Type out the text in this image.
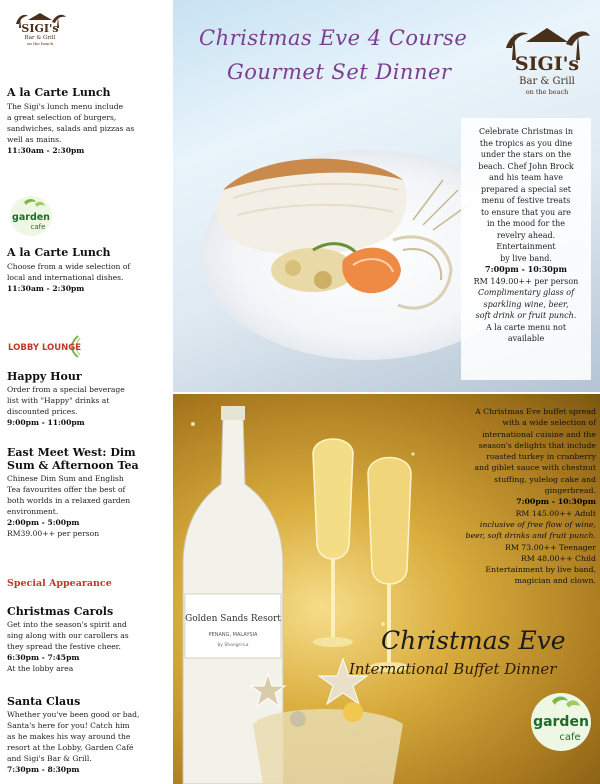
SIGI's
Bar & Grill
on the beach
A la Carte Lunch
The Sigi's lunch menu include
a great selection of burgers,
sandwiches, salads and pizzas as
well as mains.
11:30am - 2:30pm
garden
cafe
A la Carte Lunch
Choose from a wide selection of
local and international dishes.
11:30am - 2:30pm
LOBBY LOUNGE
Happy Hour
Order from a special beverage
list with "Happy" drinks at
discounted prices.
9:00pm - 11:00pm
East Meet West: Dim
Sum & Afternoon Tea
Chinese Dim Sum and English
Tea favourites offer the best of
both worlds in a relaxed garden
environment.
2:00pm - 5:00pm
RM39.00++ per person
Special Appearance
Christmas Carols
Get into the season's spirit and
sing along with our carollers as
they spread the festive cheer.
6:30pm - 7:45pm
At the lobby area
Santa Claus
Whether you've been good or bad,
Santa's here for you! Catch him
as he makes his way around the
resort at the Lobby, Garden Café
and Sigi's Bar & Grill.
7:30pm - 8:30pm
Christmas Eve 4 Course
Gourmet Set Dinner	SIGI's
Bar & Grill
on the beach
Celebrate Christmas in
the tropics as you dine
under the stars on the
beach. Chef John Brock
and his team have
prepared a special set
menu of festive treats
to ensure that you are
in the mood for the
revelry ahead.
Entertainment
by live band.
7:00pm - 10:30pm
RM 149.00++ per person
Complimentary glass of
sparkling wine, beer,
soft drink or fruit punch.
A la carte menu not
available
Golden Sands Resort
PENANG, MALAYSIA
by Shangri-La
A Christmas Eve buffet spread
with a wide selection of
international cuisine and the
season's delights that include
roasted turkey in cranberry
and giblet sauce with chestnut
stuffing, yulelog cake and
gingerbread.
7:00pm - 10:30pm
RM 145.00++ Adult
inclusive of free flow of wine,
beer, soft drinks and fruit punch.
RM 73.00++ Teenager
RM 48.00++ Child
Entertainment by live band,
magician and clown.
Christmas Eve
International Buffet Dinner
garden
cafe
